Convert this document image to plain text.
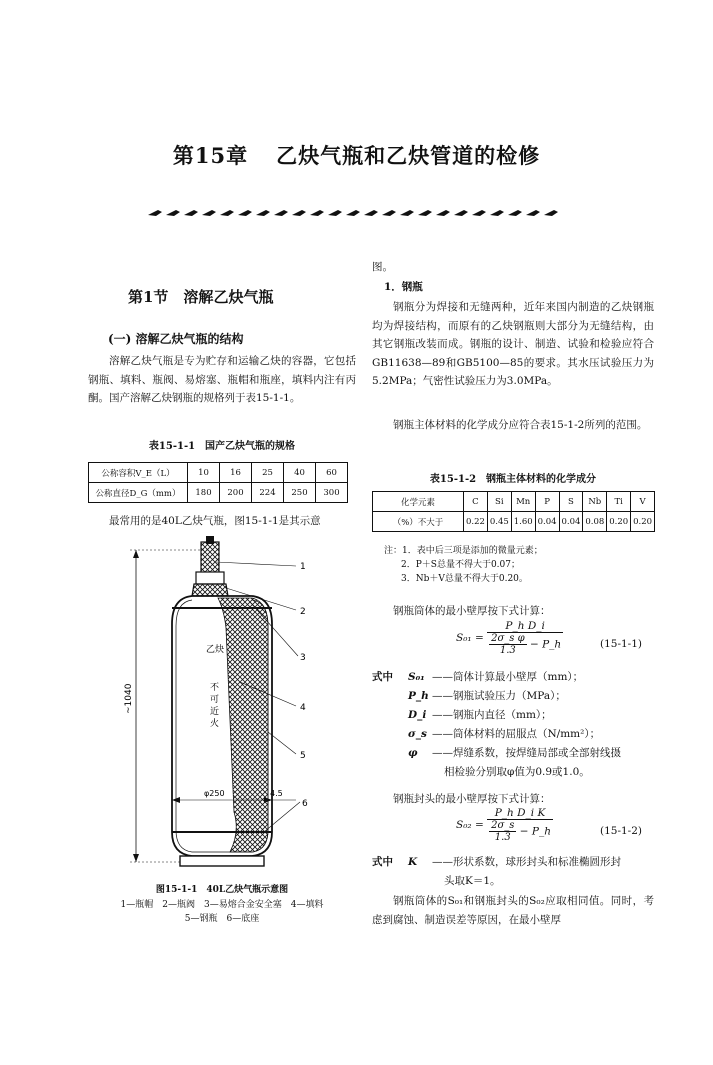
第15章 乙炔气瓶和乙炔管道的检修
第1节　溶解乙炔气瓶
(一) 溶解乙炔气瓶的结构

溶解乙炔气瓶是专为贮存和运输乙炔的容器，它包括钢瓶、填料、瓶阀、易熔塞、瓶帽和瓶座，填料内注有丙酮。国产溶解乙炔钢瓶的规格列于表15-1-1。

表15-1-1　国产乙炔气瓶的规格
公称容积V_E（L）	10	16	25	40	60
公称直径D_G（mm）	180	200	224	250	300

最常用的是40L乙炔气瓶，图15-1-1是其示意

~1040
乙炔
不
可
近
火
φ250	4.5
1
2
3
4
5
6
图15-1-1　40L乙炔气瓶示意图
1—瓶帽　2—瓶阀　3—易熔合金安全塞　4—填料
5—钢瓶　6—底座
图。
1．钢瓶

钢瓶分为焊接和无缝两种，近年来国内制造的乙炔钢瓶均为焊接结构，而原有的乙炔钢瓶则大部分为无缝结构，由其它钢瓶改装而成。钢瓶的设计、制造、试验和检验应符合GB11638—89和GB5100—85的要求。其水压试验压力为5.2MPa；气密性试验压力为3.0MPa。

钢瓶主体材料的化学成分应符合表15-1-2所列的范围。

表15-1-2　钢瓶主体材料的化学成分
化学元素	C	Si	Mn	P	S	Nb	Ti	V
（%）不大于	0.22	0.45	1.60	0.04	0.04	0.08	0.20	0.20
注：1．表中后三项是添加的微量元素；
2．P＋S总量不得大于0.07；
3．Nb＋V总量不得大于0.20。

钢瓶筒体的最小壁厚按下式计算：

$S_{01} = \frac{\text{P\_h D\_i}}{\frac{\text{2σ\_s φ}}{1.3} - P\_h}$	(15-1-1)
式中 S₀₁ ——筒体计算最小壁厚（mm）；
P_h ——钢瓶试验压力（MPa）；
D_i ——钢瓶内直径（mm）；
σ_s ——筒体材料的屈服点（N/mm²）；
φ ——焊缝系数，按焊缝局部或全部射线摄
相检验分别取φ值为0.9或1.0。

钢瓶封头的最小壁厚按下式计算：

$S_{02} = \frac{\text{P\_h D\_i K}}{\frac{2\sigma\_s}{1.3} - P\_h}$	(15-1-2)
式中 K ——形状系数，球形封头和标准椭圆形封
头取K＝1。

钢瓶筒体的S₀₁和钢瓶封头的S₀₂应取相同值。同时，考虑到腐蚀、制造误差等原因，在最小壁厚
